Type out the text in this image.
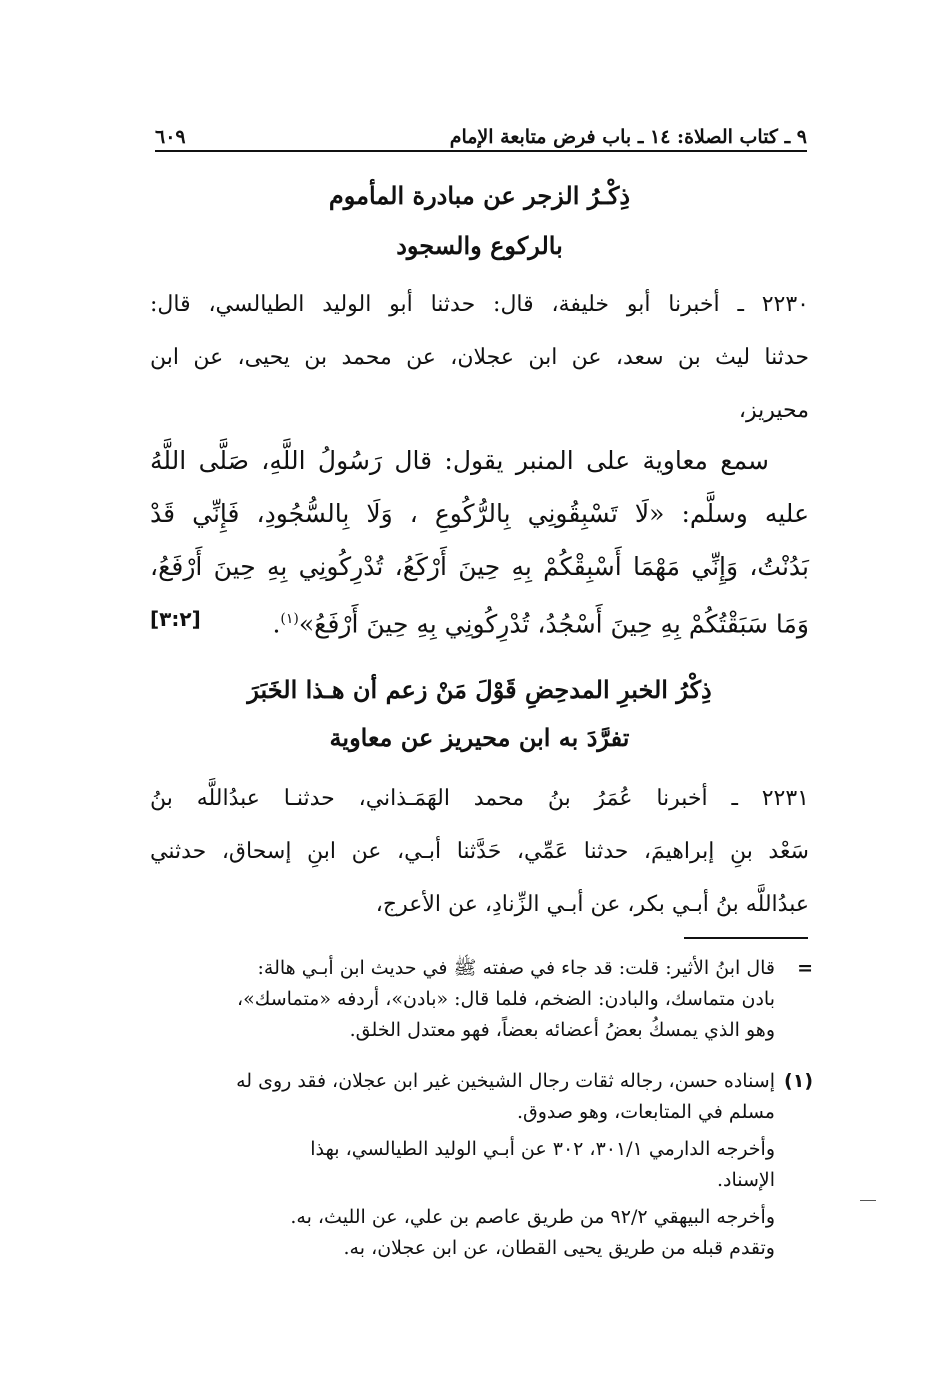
٩ ـ كتاب الصلاة: ١٤ ـ باب فرض متابعة الإمام
٦٠٩
ذِكْـرُ الزجر عن مبادرة المأموم
بالركوع والسجود
٢٢٣٠ ـ أخبرنا أبو خليفة، قال: حدثنا أبو الوليد الطيالسي، قال:
حدثنا ليث بن سعد، عن ابن عجلان، عن محمد بن يحيى، عن ابن
محيريز،
سمع معاوية على المنبر يقول: قال رَسُولُ اللَّهِ، صَلَّى اللَّهُ
عليه وسلَّم: «لَا تَسْبِقُونِي بِالرُّكُوعِ ، وَلَا بِالسُّجُودِ، فَإِنِّي قَدْ
بَدُنْتُ، وَإِنِّي مَهْمَا أَسْبِقْكُمْ بِهِ حِينَ أَرْكَعُ، تُدْرِكُونِي بِهِ حِينَ أَرْفَعُ،
وَمَا سَبَقْتُكُمْ بِهِ حِينَ أَسْجُدُ، تُدْرِكُونِي بِهِ حِينَ أَرْفَعُ»$^{(١)}$.
[٣:٢]
ذِكْرُ الخبرِ المدحِضِ قَوْلَ مَنْ زعم أن هـذا الخَبَرَ
تفرَّدَ به ابن محيريز عن معاوية
٢٢٣١ ـ أخبرنا عُمَرُ بنُ محمد الهَمَـذاني، حدثنـا عبدُاللَّه بنُ
سَعْد بنِ إبراهيمَ، حدثنا عَمِّي، حَدَّثنا أبـي، عن ابنِ إسحاق، حدثني
عبدُاللَّه بنُ أبـي بكر، عن أبـي الزِّنادِ، عن الأعرج،
=
قال ابنُ الأثير: قلت: قد جاء في صفته ﷺ في حديث ابن أبـي هالة:
بادن متماسك، والبادن: الضخم، فلما قال: «بادن»، أردفه «متماسك»،
وهو الذي يمسكُ بعضُ أعضائه بعضاً، فهو معتدل الخلق.
(١)
إسناده حسن، رجاله ثقات رجال الشيخين غير ابن عجلان، فقد روى له
مسلم في المتابعات، وهو صدوق.
وأخرجه الدارمي ٣٠١/١، ٣٠٢ عن أبـي الوليد الطيالسي، بهذا
الإسناد.
وأخرجه البيهقي ٩٢/٢ من طريق عاصم بن علي، عن الليث، به.
وتقدم قبله من طريق يحيى القطان، عن ابن عجلان، به.
